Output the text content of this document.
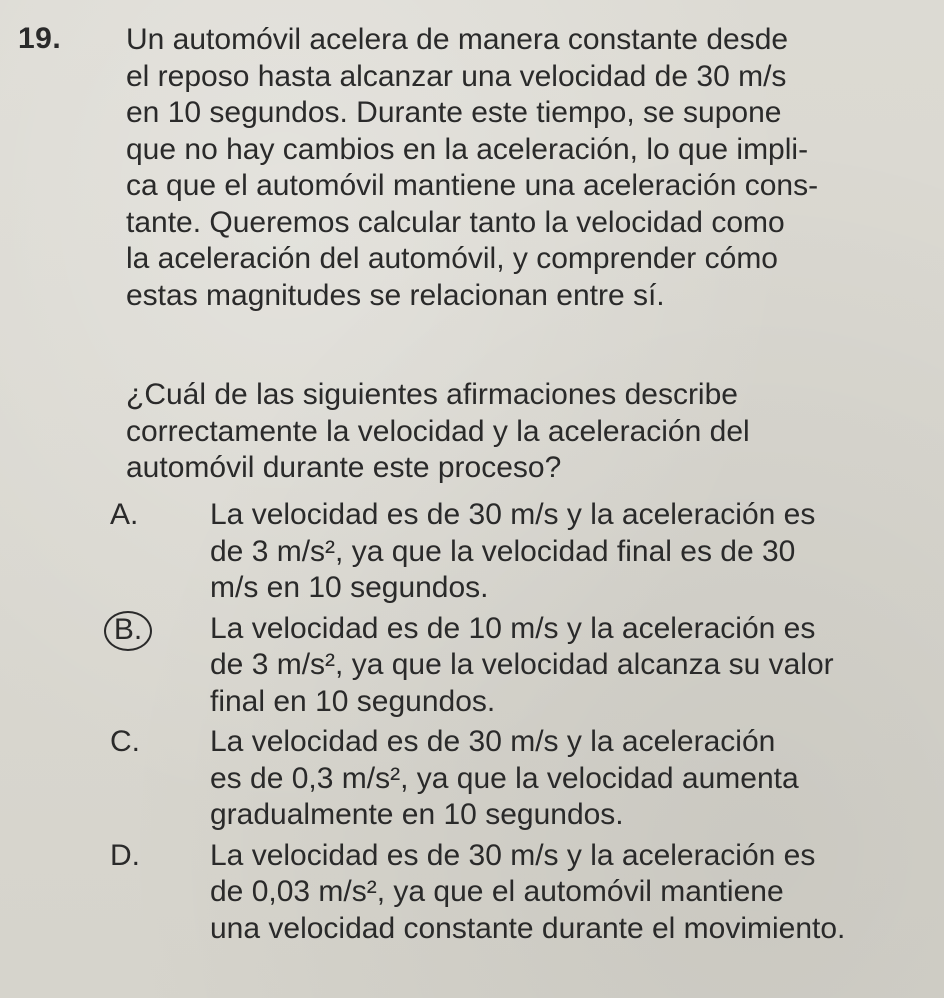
19. Un automóvil acelera de manera constante desde
el reposo hasta alcanzar una velocidad de 30 m/s
en 10 segundos. Durante este tiempo, se supone
que no hay cambios en la aceleración, lo que impli-
ca que el automóvil mantiene una aceleración cons-
tante. Queremos calcular tanto la velocidad como
la aceleración del automóvil, y comprender cómo
estas magnitudes se relacionan entre sí.
¿Cuál de las siguientes afirmaciones describe
correctamente la velocidad y la aceleración del
automóvil durante este proceso?
A.	La velocidad es de 30 m/s y la aceleración es
de 3 m/s², ya que la velocidad final es de 30
m/s en 10 segundos.
B.	La velocidad es de 10 m/s y la aceleración es
de 3 m/s², ya que la velocidad alcanza su valor
final en 10 segundos.
C.	La velocidad es de 30 m/s y la aceleración
es de 0,3 m/s², ya que la velocidad aumenta
gradualmente en 10 segundos.
D.	La velocidad es de 30 m/s y la aceleración es
de 0,03 m/s², ya que el automóvil mantiene
una velocidad constante durante el movimiento.
